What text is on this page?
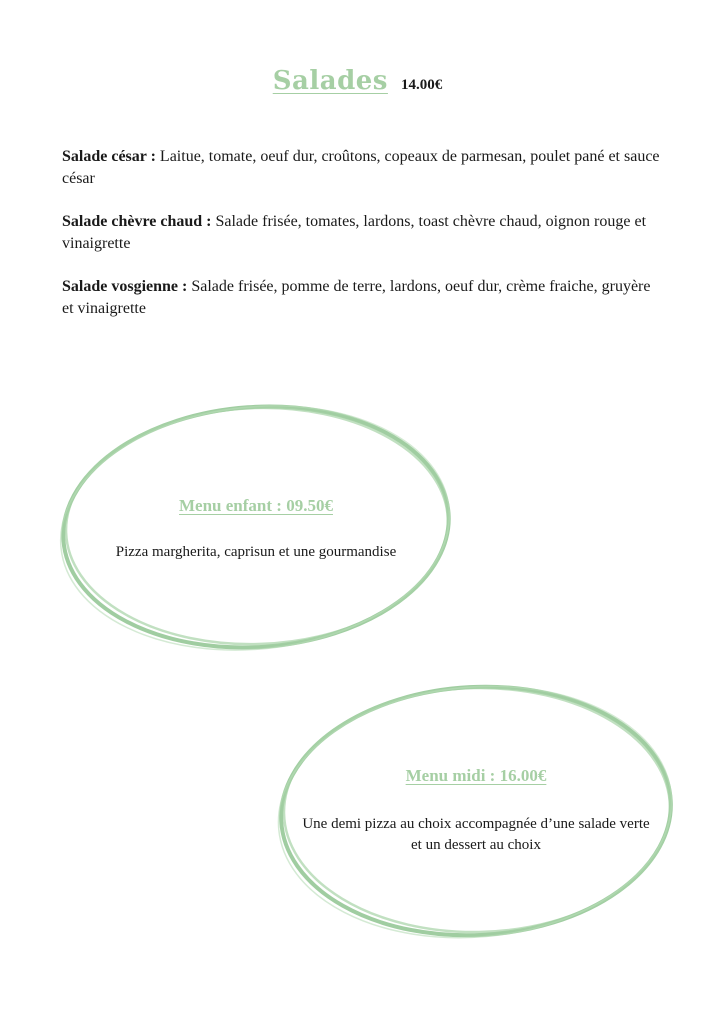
Salades 14.00€

Salade césar : Laitue, tomate, oeuf dur, croûtons, copeaux de parmesan, poulet pané et sauce césar

Salade chèvre chaud : Salade frisée, tomates, lardons, toast chèvre chaud, oignon rouge et vinaigrette

Salade vosgienne : Salade frisée, pomme de terre, lardons, oeuf dur, crème fraiche, gruyère et vinaigrette

Menu enfant : 09.50€
Pizza margherita, caprisun et une gourmandise
Menu midi : 16.00€
Une demi pizza au choix accompagnée d’une salade verte et un dessert au choix
